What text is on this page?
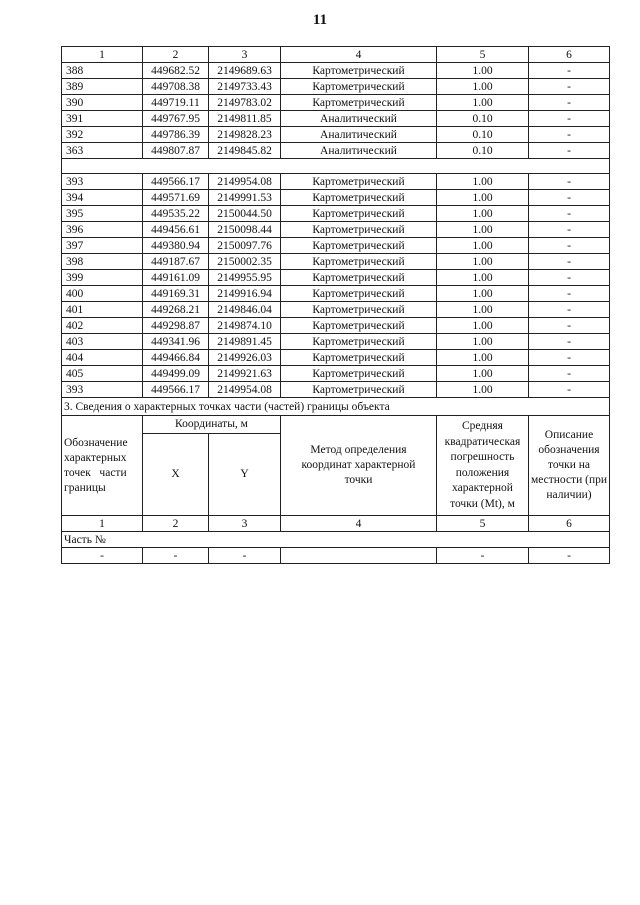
11
1	2	3	4	5	6
388	449682.52	2149689.63	Картометрический	1.00	-
389	449708.38	2149733.43	Картометрический	1.00	-
390	449719.11	2149783.02	Картометрический	1.00	-
391	449767.95	2149811.85	Аналитический	0.10	-
392	449786.39	2149828.23	Аналитический	0.10	-
363	449807.87	2149845.82	Аналитический	0.10	-

393	449566.17	2149954.08	Картометрический	1.00	-
394	449571.69	2149991.53	Картометрический	1.00	-
395	449535.22	2150044.50	Картометрический	1.00	-
396	449456.61	2150098.44	Картометрический	1.00	-
397	449380.94	2150097.76	Картометрический	1.00	-
398	449187.67	2150002.35	Картометрический	1.00	-
399	449161.09	2149955.95	Картометрический	1.00	-
400	449169.31	2149916.94	Картометрический	1.00	-
401	449268.21	2149846.04	Картометрический	1.00	-
402	449298.87	2149874.10	Картометрический	1.00	-
403	449341.96	2149891.45	Картометрический	1.00	-
404	449466.84	2149926.03	Картометрический	1.00	-
405	449499.09	2149921.63	Картометрический	1.00	-
393	449566.17	2149954.08	Картометрический	1.00	-
3. Сведения о характерных точках части (частей) границы объекта					

Обозначение
характерных
точек   части
границы	Координаты, м		Метод определения координат характерной точки	Средняя квадратическая погрешность положения характерной точки (Mt), м	Описание обозначения точки на местности (при наличии)
	X	Y			
1	2	3	4	5	6
Часть №					
-	-	-		-	-
